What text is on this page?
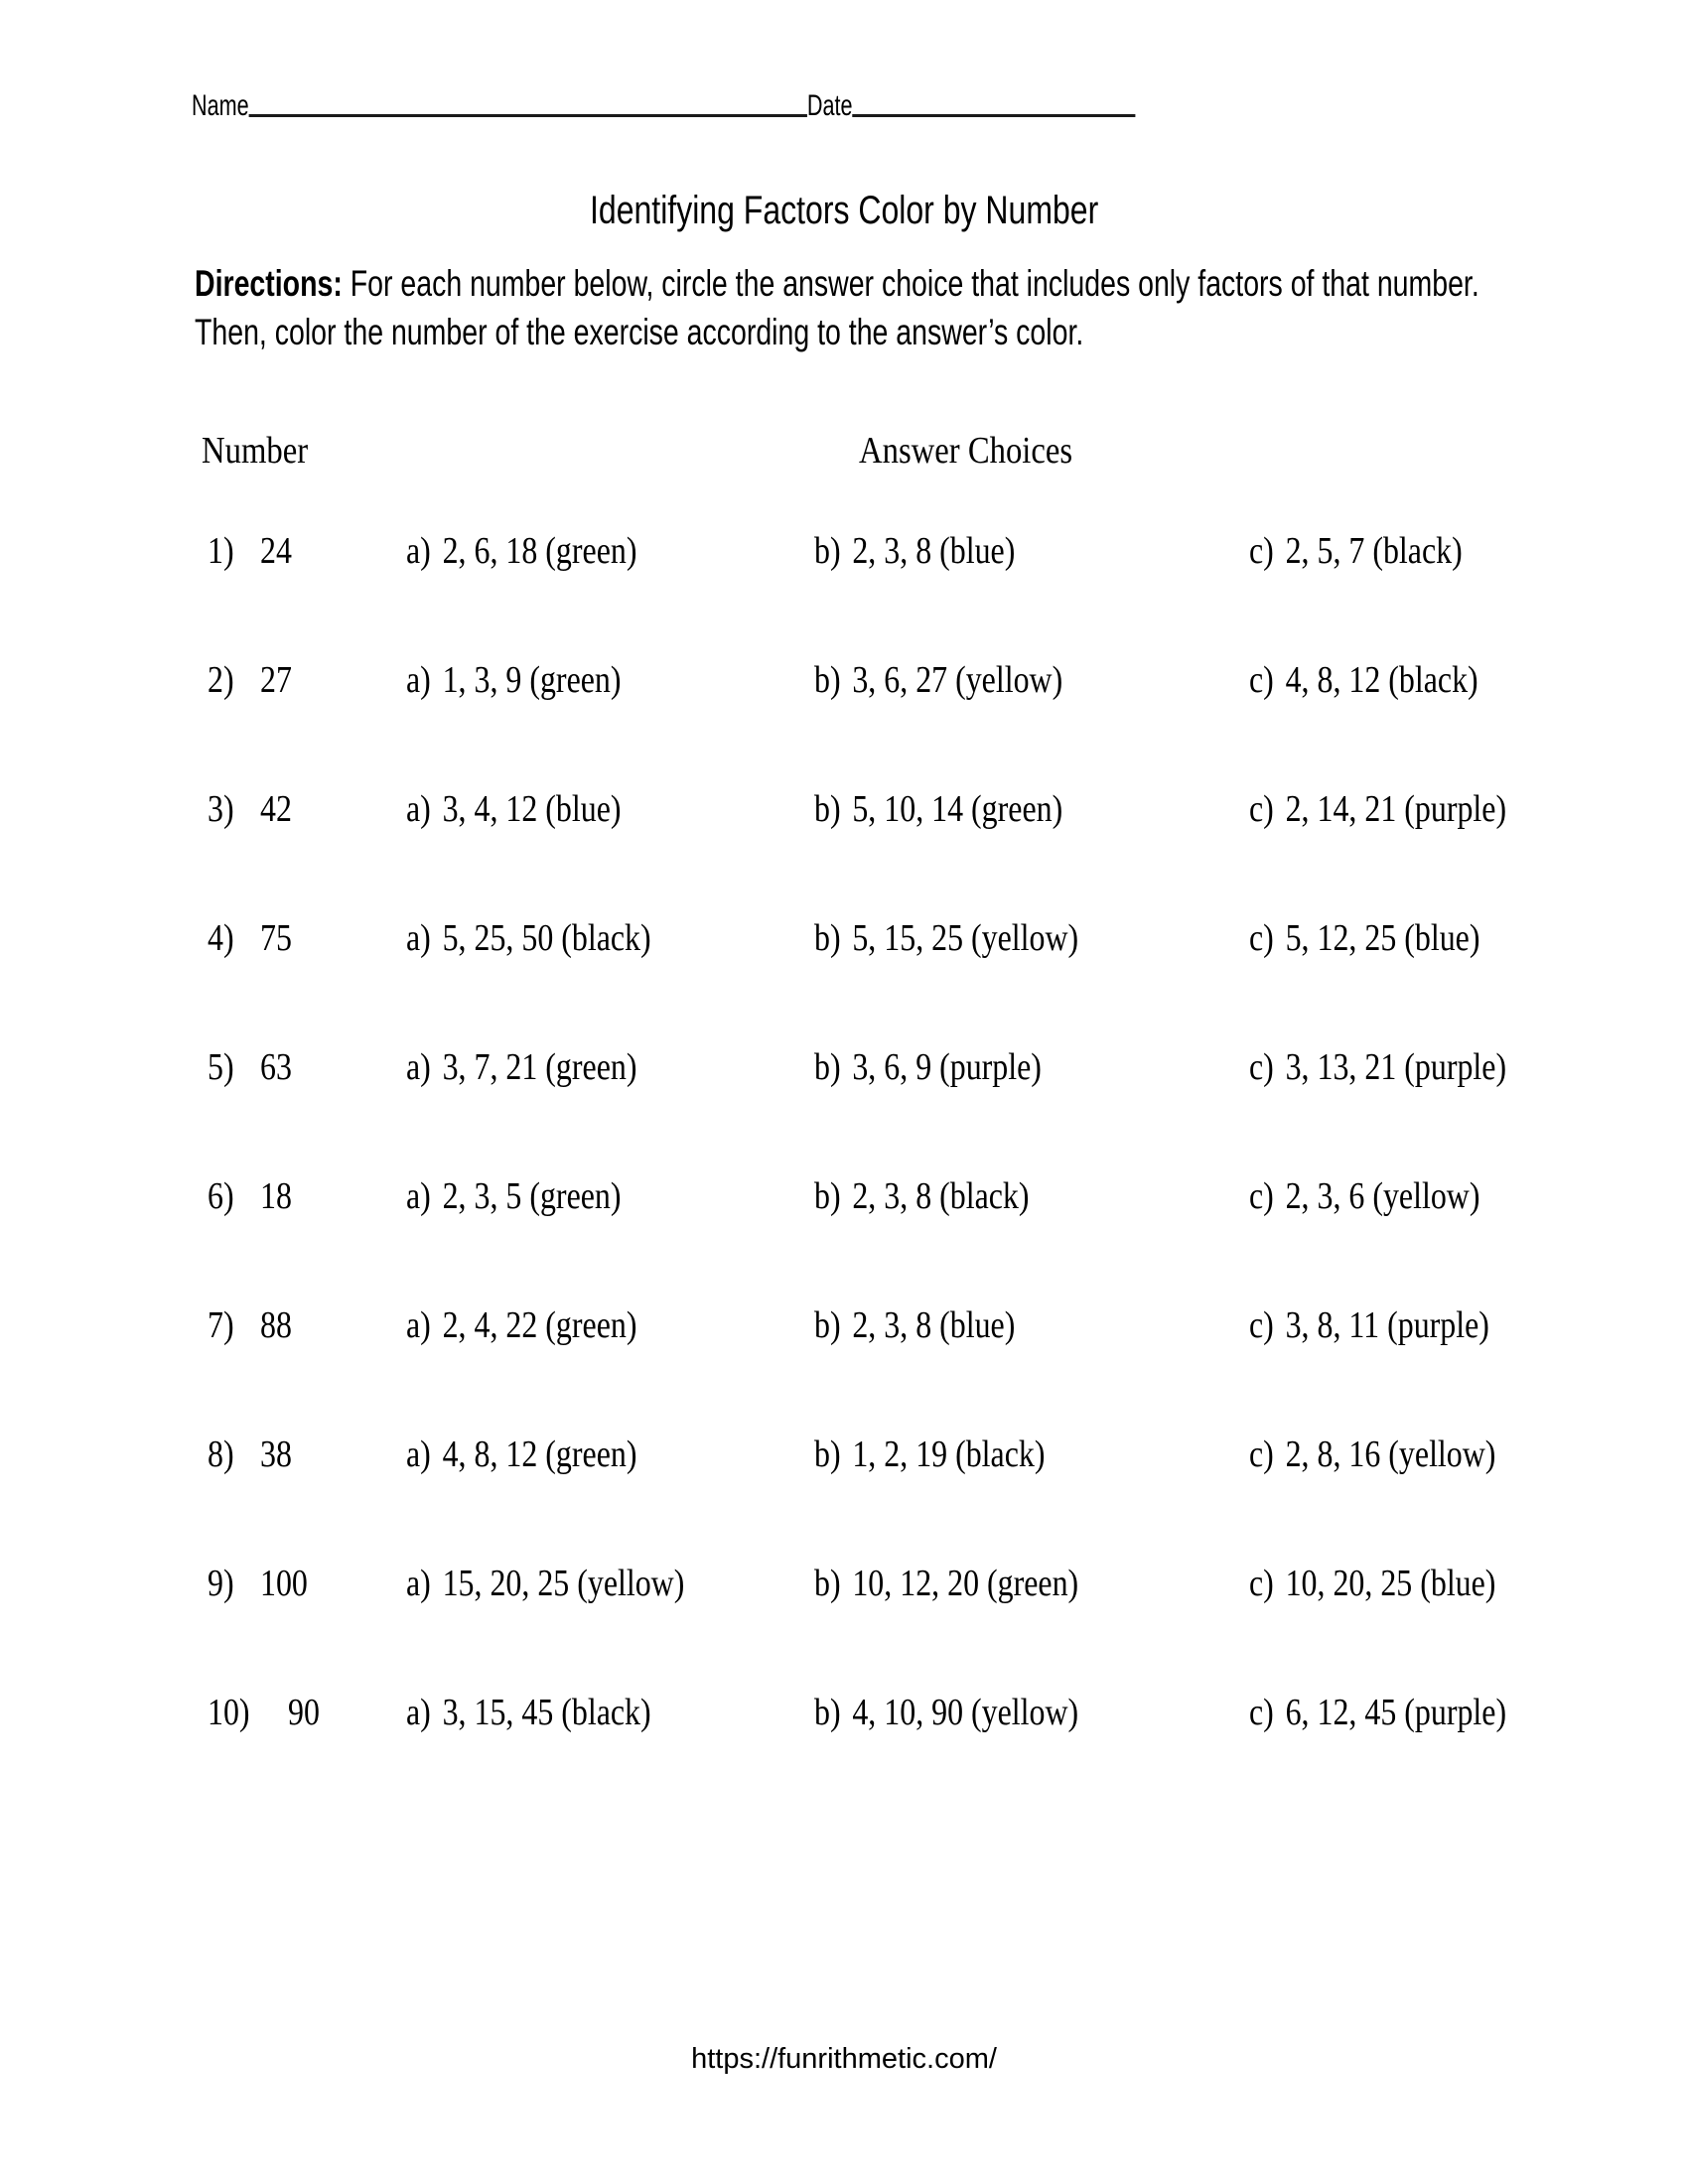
Name	Date
Identifying Factors Color by Number
Directions: For each number below, circle the answer choice that includes only factors of that number. Then, color the number of the exercise according to the answer’s color.
Number	Answer Choices
1) 24	a) 2, 6, 18 (green)	b) 2, 3, 8 (blue)	c) 2, 5, 7 (black)
2) 27	a) 1, 3, 9 (green)	b) 3, 6, 27 (yellow)	c) 4, 8, 12 (black)
3) 42	a) 3, 4, 12 (blue)	b) 5, 10, 14 (green)	c) 2, 14, 21 (purple)
4) 75	a) 5, 25, 50 (black)	b) 5, 15, 25 (yellow)	c) 5, 12, 25 (blue)
5) 63	a) 3, 7, 21 (green)	b) 3, 6, 9 (purple)	c) 3, 13, 21 (purple)
6) 18	a) 2, 3, 5 (green)	b) 2, 3, 8 (black)	c) 2, 3, 6 (yellow)
7) 88	a) 2, 4, 22 (green)	b) 2, 3, 8 (blue)	c) 3, 8, 11 (purple)
8) 38	a) 4, 8, 12 (green)	b) 1, 2, 19 (black)	c) 2, 8, 16 (yellow)
9) 100	a) 15, 20, 25 (yellow)	b) 10, 12, 20 (green)	c) 10, 20, 25 (blue)
10)	90	a) 3, 15, 45 (black)	b) 4, 10, 90 (yellow)	c) 6, 12, 45 (purple)
https://funrithmetic.com/
